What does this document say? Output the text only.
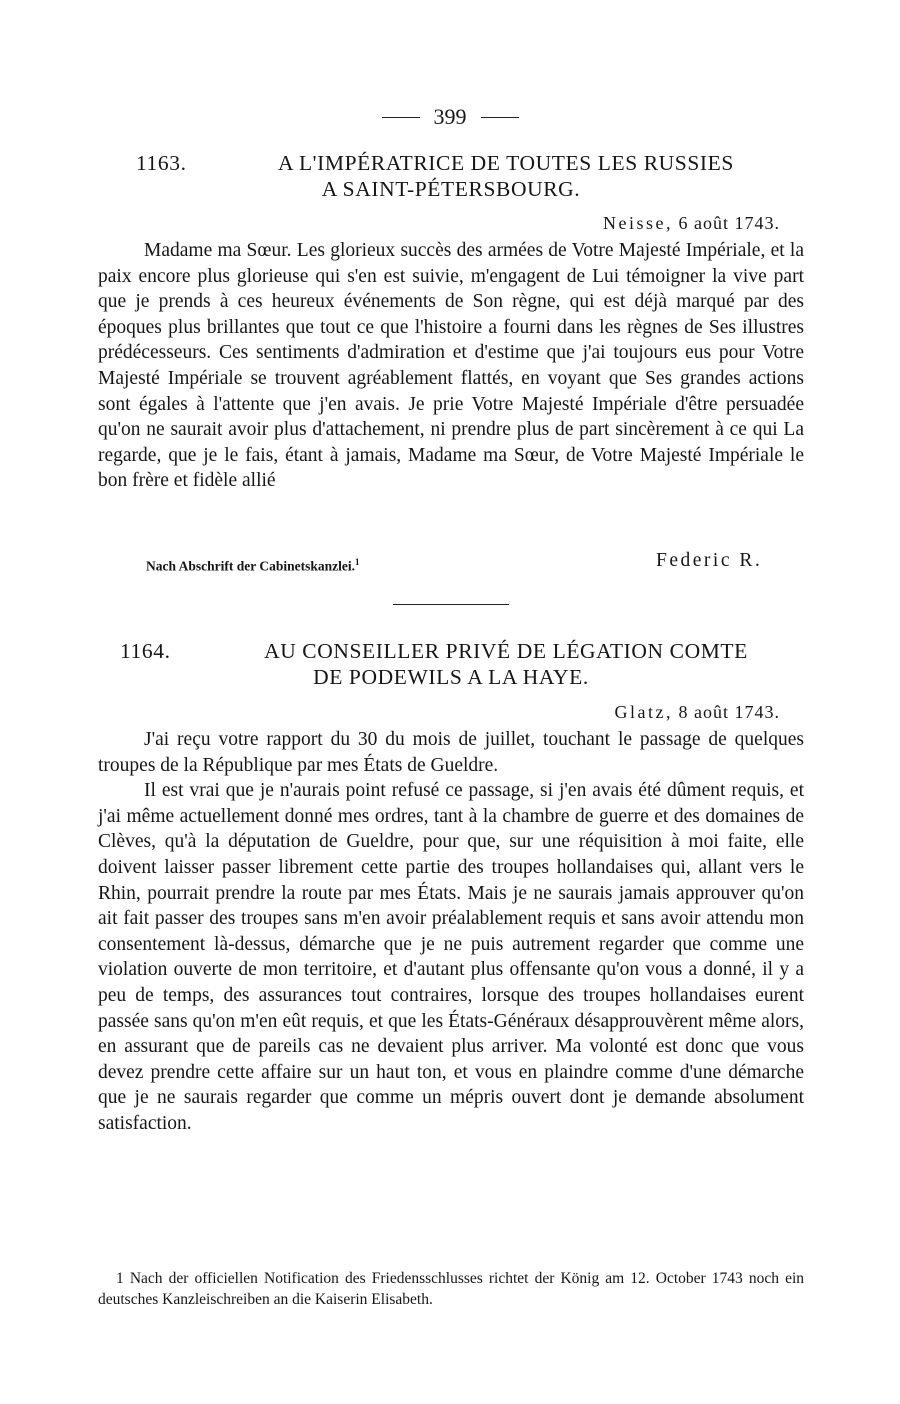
399
1163.	A L'IMPÉRATRICE DE TOUTES LES RUSSIES
A SAINT-PÉTERSBOURG.
Neisse, 6 août 1743.

Madame ma Sœur. Les glorieux succès des armées de Votre Majesté Impériale, et la paix encore plus glorieuse qui s'en est suivie, m'engagent de Lui témoigner la vive part que je prends à ces heureux événements de Son règne, qui est déjà marqué par des époques plus brillantes que tout ce que l'histoire a fourni dans les règnes de Ses illustres prédécesseurs. Ces sentiments d'admiration et d'estime que j'ai toujours eus pour Votre Majesté Impériale se trouvent agréablement flattés, en voyant que Ses grandes actions sont égales à l'attente que j'en avais. Je prie Votre Majesté Impériale d'être persuadée qu'on ne saurait avoir plus d'attachement, ni prendre plus de part sincèrement à ce qui La regarde, que je le fais, étant à jamais, Madame ma Sœur, de Votre Majesté Impériale le bon frère et fidèle allié

Nach Abschrift der Cabinetskanzlei.$^1$	Federic R.
1164.	AU CONSEILLER PRIVÉ DE LÉGATION COMTE
DE PODEWILS A LA HAYE.
Glatz, 8 août 1743.

J'ai reçu votre rapport du 30 du mois de juillet, touchant le passage de quelques troupes de la République par mes États de Gueldre.

Il est vrai que je n'aurais point refusé ce passage, si j'en avais été dûment requis, et j'ai même actuellement donné mes ordres, tant à la chambre de guerre et des domaines de Clèves, qu'à la députation de Gueldre, pour que, sur une réquisition à moi faite, elle doivent laisser passer librement cette partie des troupes hollandaises qui, allant vers le Rhin, pourrait prendre la route par mes États. Mais je ne saurais jamais approuver qu'on ait fait passer des troupes sans m'en avoir préalablement requis et sans avoir attendu mon consentement là-dessus, démarche que je ne puis autrement regarder que comme une violation ouverte de mon territoire, et d'autant plus offensante qu'on vous a donné, il y a peu de temps, des assurances tout contraires, lorsque des troupes hollandaises eurent passée sans qu'on m'en eût requis, et que les États-Généraux désapprouvèrent même alors, en assurant que de pareils cas ne devaient plus arriver. Ma volonté est donc que vous devez prendre cette affaire sur un haut ton, et vous en plaindre comme d'une démarche que je ne saurais regarder que comme un mépris ouvert dont je demande absolument satisfaction.

1 Nach der officiellen Notification des Friedensschlusses richtet der König am 12. October 1743 noch ein deutsches Kanzleischreiben an die Kaiserin Elisabeth.
